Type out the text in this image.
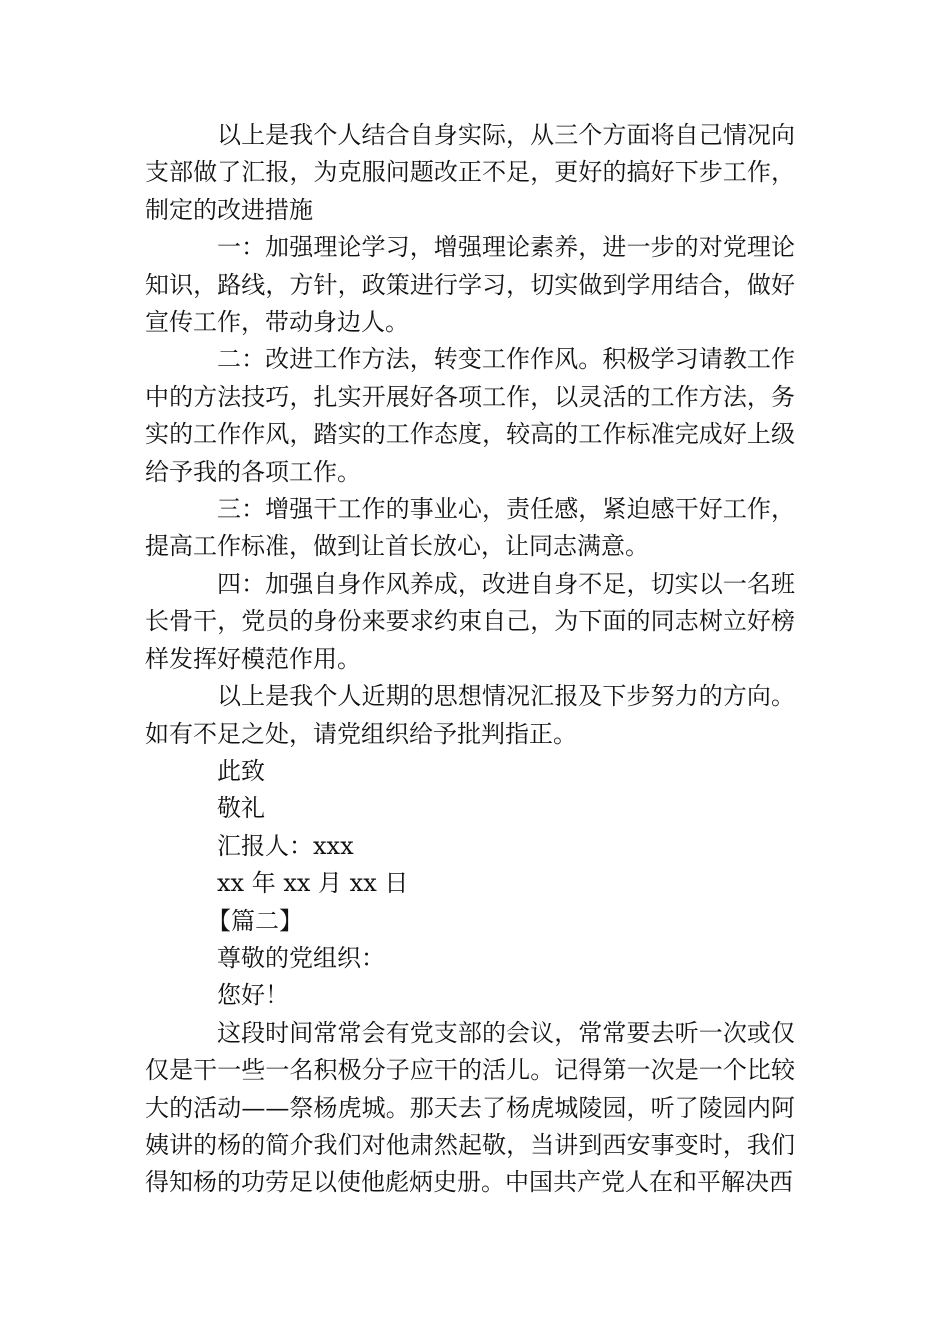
以上是我个人结合自身实际，从三个方面将自己情况向支部做了汇报，为克服问题改正不足，更好的搞好下步工作，制定的改进措施

一：加强理论学习，增强理论素养，进一步的对党理论知识，路线，方针，政策进行学习，切实做到学用结合，做好宣传工作，带动身边人。

二：改进工作方法，转变工作作风。积极学习请教工作中的方法技巧，扎实开展好各项工作，以灵活的工作方法，务实的工作作风，踏实的工作态度，较高的工作标准完成好上级给予我的各项工作。

三：增强干工作的事业心，责任感，紧迫感干好工作，提高工作标准，做到让首长放心，让同志满意。

四：加强自身作风养成，改进自身不足，切实以一名班长骨干，党员的身份来要求约束自己，为下面的同志树立好榜样发挥好模范作用。

以上是我个人近期的思想情况汇报及下步努力的方向。如有不足之处，请党组织给予批判指正。

此致

敬礼

汇报人：xxx

xx 年 xx 月 xx 日

【篇二】

尊敬的党组织：

您好！

这段时间常常会有党支部的会议，常常要去听一次或仅仅是干一些一名积极分子应干的活儿。记得第一次是一个比较大的活动——祭杨虎城。那天去了杨虎城陵园，听了陵园内阿姨讲的杨的简介我们对他肃然起敬，当讲到西安事变时，我们得知杨的功劳足以使他彪炳史册。中国共产党人在和平解决西
